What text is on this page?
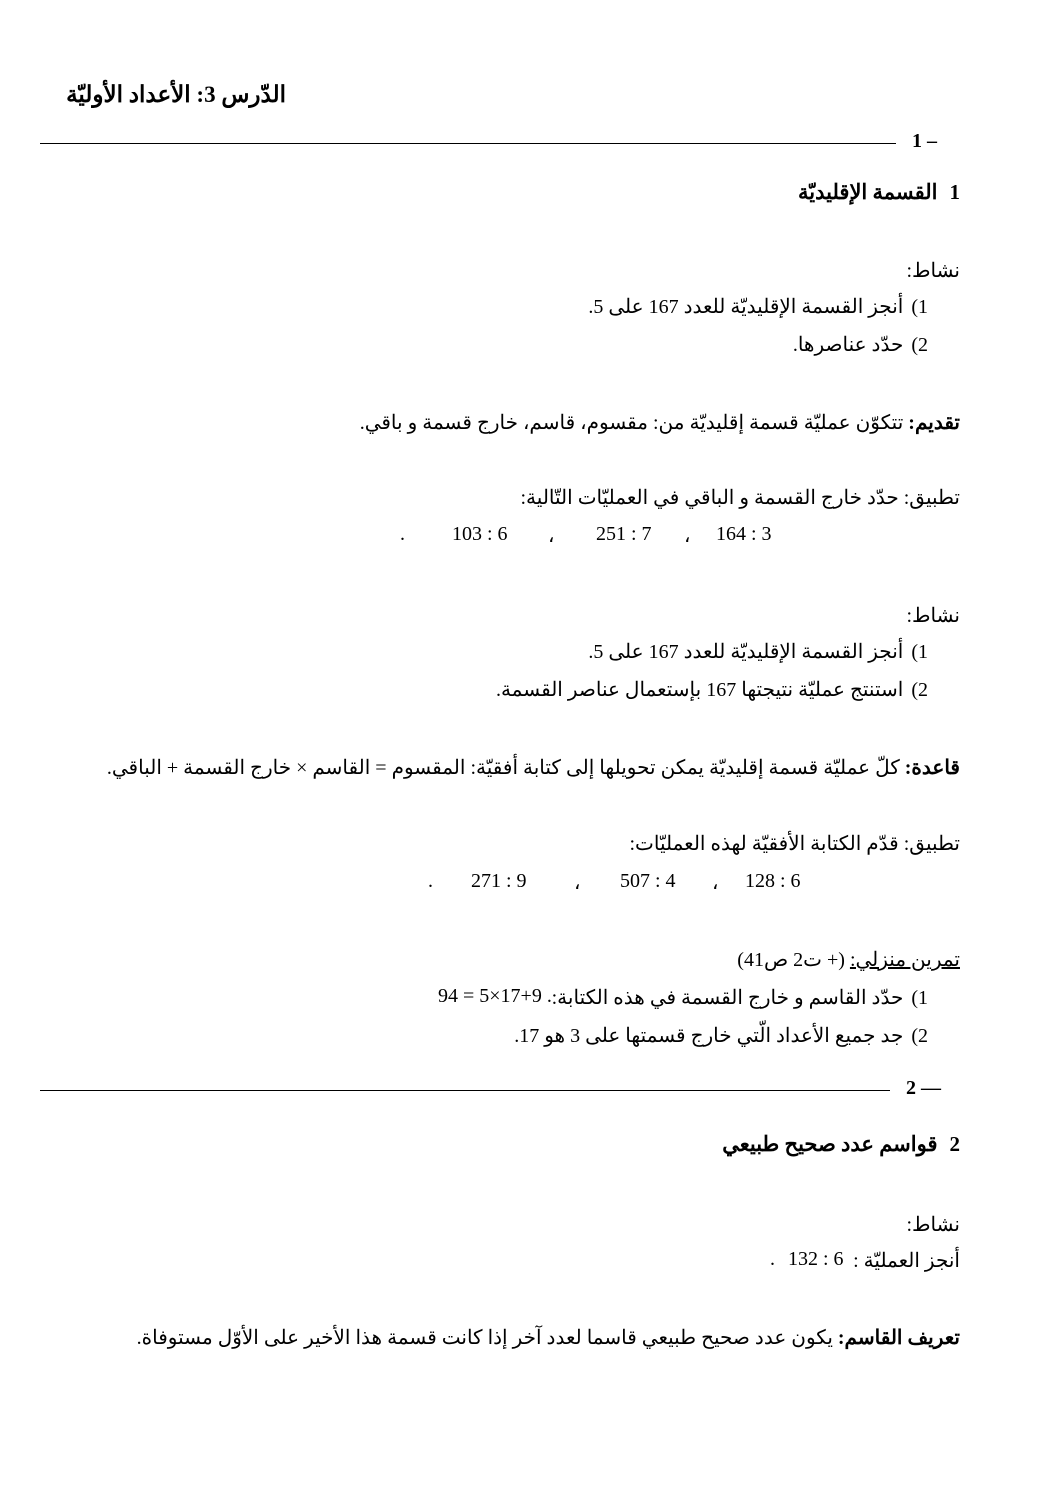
الدّرس 3: الأعداد الأوليّة
1 –
1القسمة الإقليديّة
نشاط:
1)أنجز القسمة الإقليديّة للعدد 167 على 5.
2)حدّد عناصرها.
تقديم: تتكوّن عمليّة قسمة إقليديّة من: مقسوم، قاسم، خارج قسمة و باقي.
تطبيق: حدّد خارج القسمة و الباقي في العمليّات التّالية:
164 : 3
،
251 : 7
،
103 : 6
.
نشاط:
1)أنجز القسمة الإقليديّة للعدد 167 على 5.
2)استنتج عمليّة نتيجتها 167 بإستعمال عناصر القسمة.
قاعدة: كلّ عمليّة قسمة إقليديّة يمكن تحويلها إلى كتابة أفقيّة: المقسوم = القاسم × خارج القسمة + الباقي.
تطبيق: قدّم الكتابة الأفقيّة لهذه العمليّات:
128 : 6
،
507 : 4
،
271 : 9
.
تمرين منزلي: (+ ت2 ص41)
1)حدّد القاسم و خارج القسمة في هذه الكتابة:
94 = 5×17+9 .
2)جد جميع الأعداد الّتي خارج قسمتها على 3 هو 17.
2 —
2قواسم عدد صحيح طبيعي
نشاط:
أنجز العمليّة :
132 : 6
.
تعريف القاسم: يكون عدد صحيح طبيعي قاسما لعدد آخر إذا كانت قسمة هذا الأخير على الأوّل مستوفاة.
